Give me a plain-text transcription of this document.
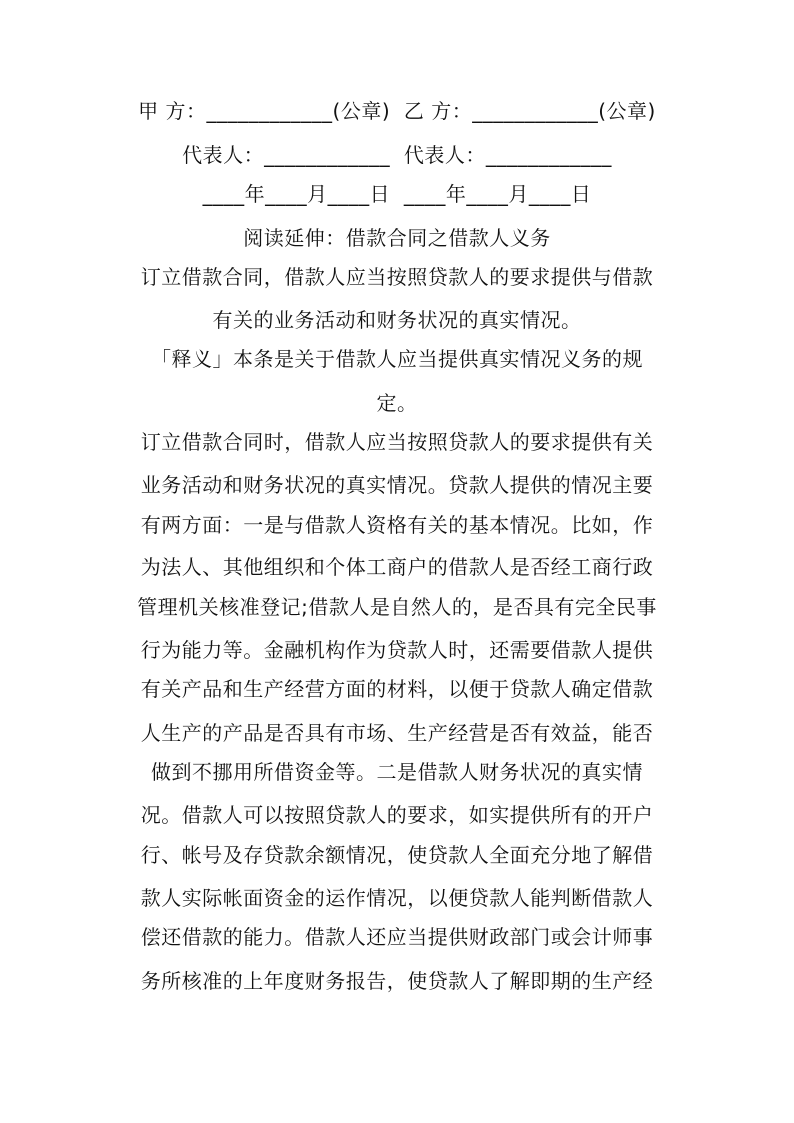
甲 方：____________(公章)  乙 方：____________(公章)
代表人：____________  代表人：____________
____年____月____日  ____年____月____日
阅读延伸：借款合同之借款人义务
订立借款合同，借款人应当按照贷款人的要求提供与借款
有关的业务活动和财务状况的真实情况。
「释义」本条是关于借款人应当提供真实情况义务的规
定。
订立借款合同时，借款人应当按照贷款人的要求提供有关
业务活动和财务状况的真实情况。贷款人提供的情况主要
有两方面：一是与借款人资格有关的基本情况。比如，作
为法人、其他组织和个体工商户的借款人是否经工商行政
管理机关核准登记;借款人是自然人的，是否具有完全民事
行为能力等。金融机构作为贷款人时，还需要借款人提供
有关产品和生产经营方面的材料，以便于贷款人确定借款
人生产的产品是否具有市场、生产经营是否有效益，能否
做到不挪用所借资金等。二是借款人财务状况的真实情
况。借款人可以按照贷款人的要求，如实提供所有的开户
行、帐号及存贷款余额情况，使贷款人全面充分地了解借
款人实际帐面资金的运作情况，以便贷款人能判断借款人
偿还借款的能力。借款人还应当提供财政部门或会计师事
务所核准的上年度财务报告，使贷款人了解即期的生产经
